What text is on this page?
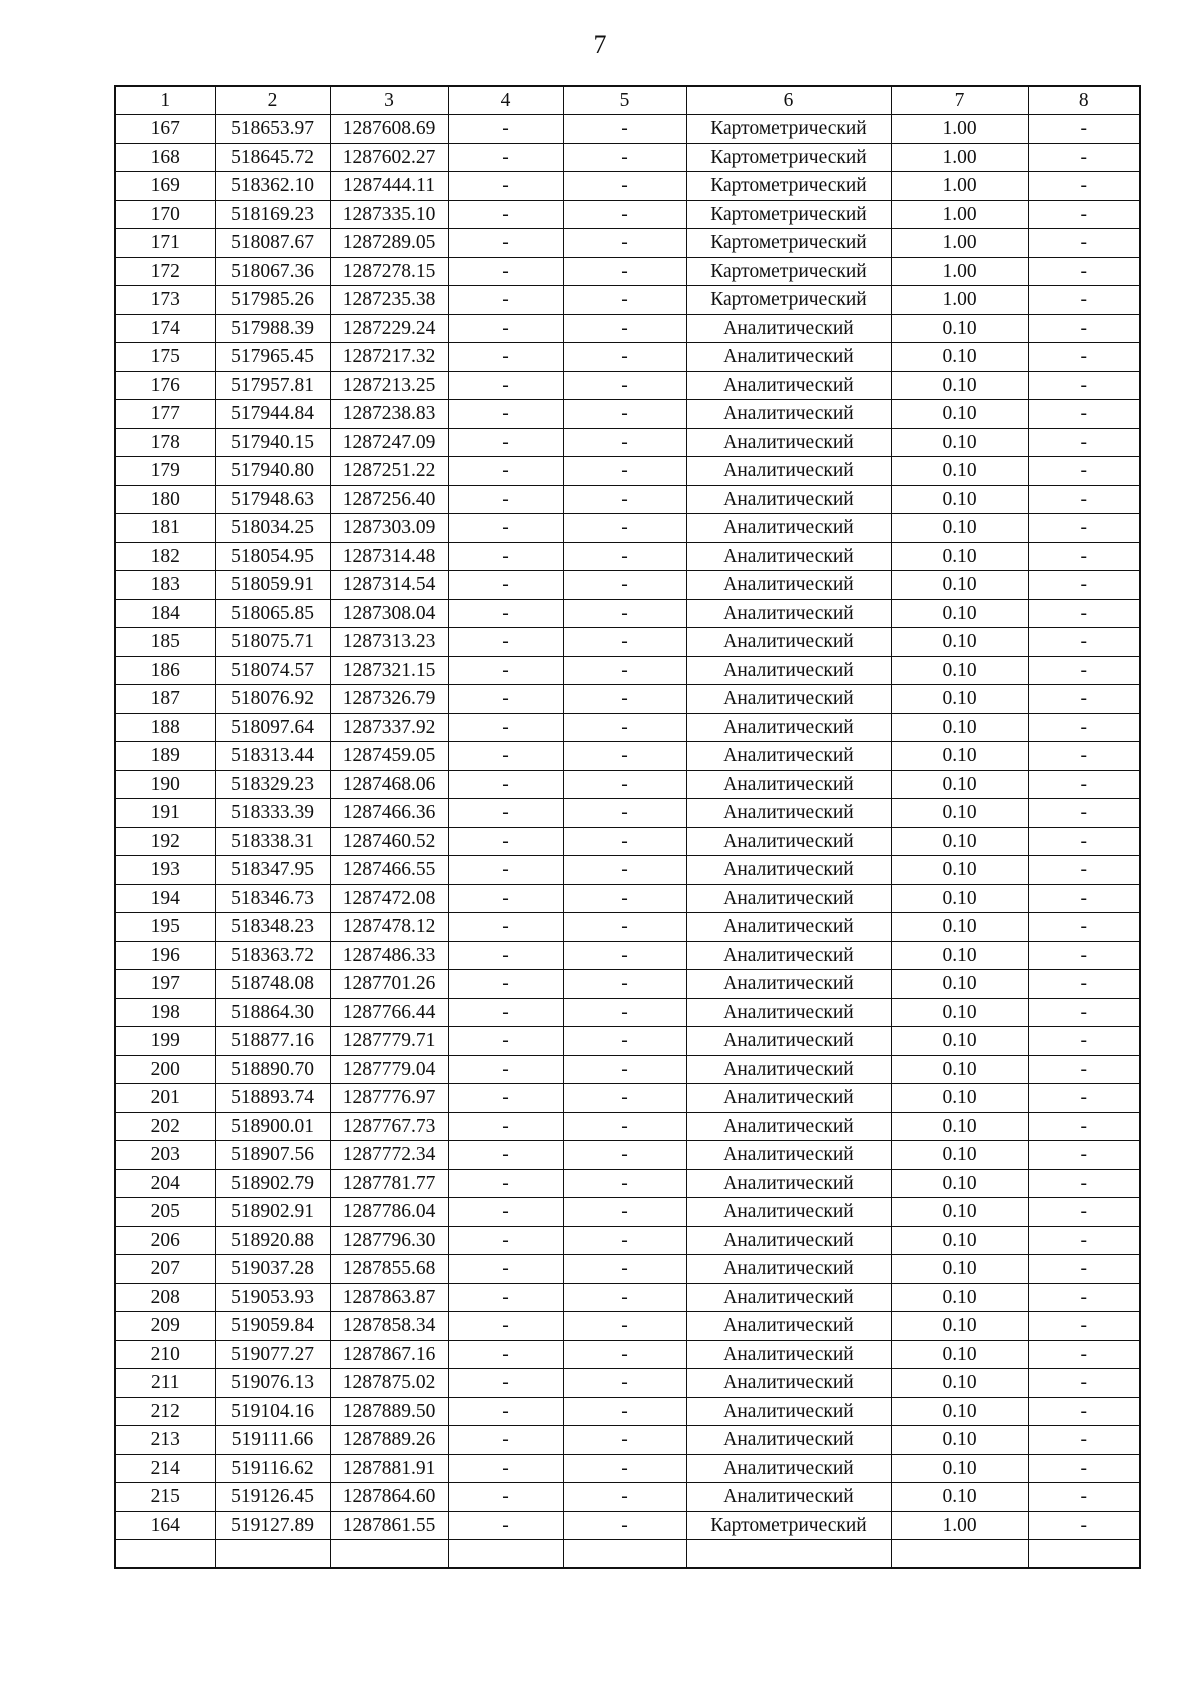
7
1	2	3	4	5	6	7	8
167	518653.97	1287608.69	-	-	Картометрический	1.00	-
168	518645.72	1287602.27	-	-	Картометрический	1.00	-
169	518362.10	1287444.11	-	-	Картометрический	1.00	-
170	518169.23	1287335.10	-	-	Картометрический	1.00	-
171	518087.67	1287289.05	-	-	Картометрический	1.00	-
172	518067.36	1287278.15	-	-	Картометрический	1.00	-
173	517985.26	1287235.38	-	-	Картометрический	1.00	-
174	517988.39	1287229.24	-	-	Аналитический	0.10	-
175	517965.45	1287217.32	-	-	Аналитический	0.10	-
176	517957.81	1287213.25	-	-	Аналитический	0.10	-
177	517944.84	1287238.83	-	-	Аналитический	0.10	-
178	517940.15	1287247.09	-	-	Аналитический	0.10	-
179	517940.80	1287251.22	-	-	Аналитический	0.10	-
180	517948.63	1287256.40	-	-	Аналитический	0.10	-
181	518034.25	1287303.09	-	-	Аналитический	0.10	-
182	518054.95	1287314.48	-	-	Аналитический	0.10	-
183	518059.91	1287314.54	-	-	Аналитический	0.10	-
184	518065.85	1287308.04	-	-	Аналитический	0.10	-
185	518075.71	1287313.23	-	-	Аналитический	0.10	-
186	518074.57	1287321.15	-	-	Аналитический	0.10	-
187	518076.92	1287326.79	-	-	Аналитический	0.10	-
188	518097.64	1287337.92	-	-	Аналитический	0.10	-
189	518313.44	1287459.05	-	-	Аналитический	0.10	-
190	518329.23	1287468.06	-	-	Аналитический	0.10	-
191	518333.39	1287466.36	-	-	Аналитический	0.10	-
192	518338.31	1287460.52	-	-	Аналитический	0.10	-
193	518347.95	1287466.55	-	-	Аналитический	0.10	-
194	518346.73	1287472.08	-	-	Аналитический	0.10	-
195	518348.23	1287478.12	-	-	Аналитический	0.10	-
196	518363.72	1287486.33	-	-	Аналитический	0.10	-
197	518748.08	1287701.26	-	-	Аналитический	0.10	-
198	518864.30	1287766.44	-	-	Аналитический	0.10	-
199	518877.16	1287779.71	-	-	Аналитический	0.10	-
200	518890.70	1287779.04	-	-	Аналитический	0.10	-
201	518893.74	1287776.97	-	-	Аналитический	0.10	-
202	518900.01	1287767.73	-	-	Аналитический	0.10	-
203	518907.56	1287772.34	-	-	Аналитический	0.10	-
204	518902.79	1287781.77	-	-	Аналитический	0.10	-
205	518902.91	1287786.04	-	-	Аналитический	0.10	-
206	518920.88	1287796.30	-	-	Аналитический	0.10	-
207	519037.28	1287855.68	-	-	Аналитический	0.10	-
208	519053.93	1287863.87	-	-	Аналитический	0.10	-
209	519059.84	1287858.34	-	-	Аналитический	0.10	-
210	519077.27	1287867.16	-	-	Аналитический	0.10	-
211	519076.13	1287875.02	-	-	Аналитический	0.10	-
212	519104.16	1287889.50	-	-	Аналитический	0.10	-
213	519111.66	1287889.26	-	-	Аналитический	0.10	-
214	519116.62	1287881.91	-	-	Аналитический	0.10	-
215	519126.45	1287864.60	-	-	Аналитический	0.10	-
164	519127.89	1287861.55	-	-	Картометрический	1.00	-
